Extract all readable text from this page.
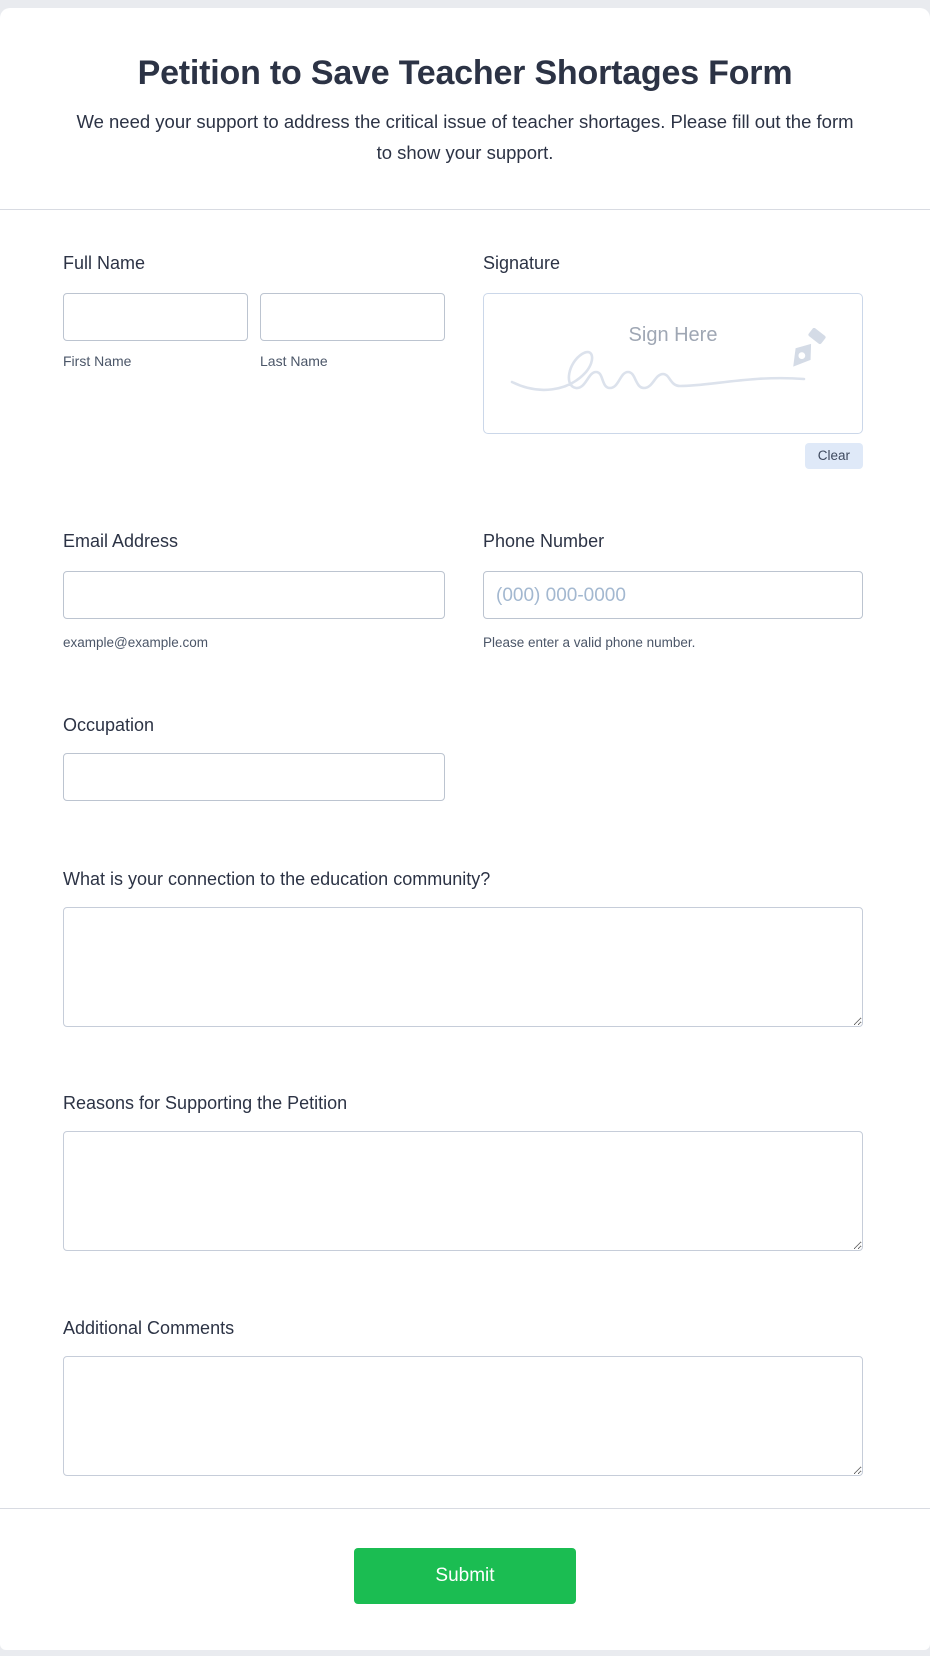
Petition to Save Teacher Shortages Form

We need your support to address the critical issue of teacher shortages. Please fill out the form to show your support.

Full Name
First Name	Last Name
Signature
Sign Here
Clear
Email Address
example@example.com
Phone Number
(000) 000-0000
Please enter a valid phone number.
Occupation
What is your connection to the education community?
Reasons for Supporting the Petition
Additional Comments
Submit
